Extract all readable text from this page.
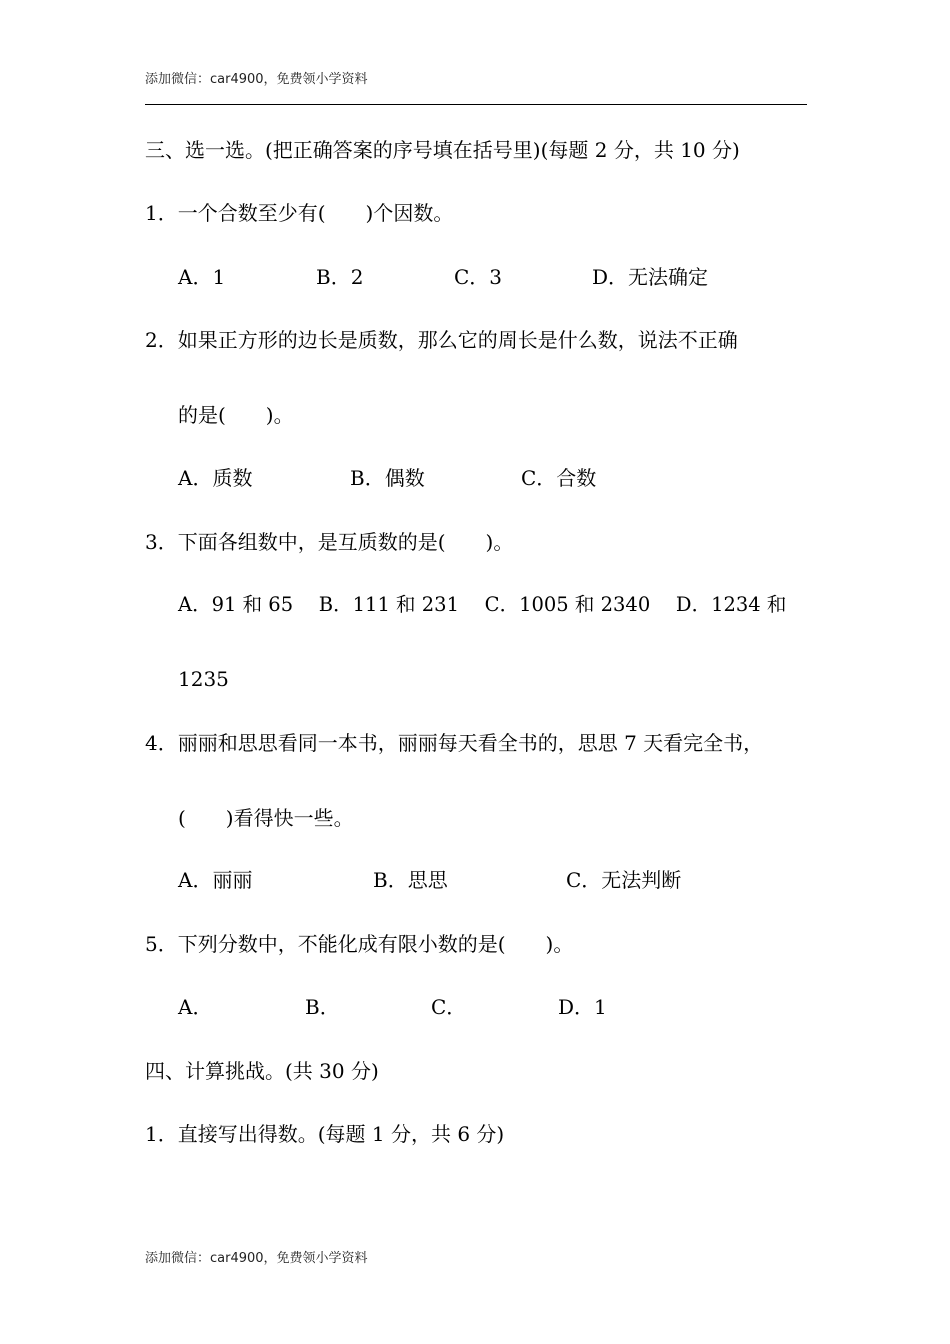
添加微信：car4900，免费领小学资料
三、选一选。(把正确答案的序号填在括号里)(每题 2 分，共 10 分)
1．一个合数至少有(　　)个因数。
A．1	B．2	C．3	D．无法确定
2．如果正方形的边长是质数，那么它的周长是什么数，说法不正确
的是(　　)。
A．质数	B．偶数	C．合数
3．下面各组数中，是互质数的是(　　)。
A．91 和 65　 B．111 和 231　 C．1005 和 2340　 D．1234 和
1235
4．丽丽和思思看同一本书，丽丽每天看全书的，思思 7 天看完全书，
(　　)看得快一些。
A．丽丽	B．思思	C．无法判断
5．下列分数中，不能化成有限小数的是(　　)。
A．	B．	C．	D．1
四、计算挑战。(共 30 分)
1．直接写出得数。(每题 1 分，共 6 分)
添加微信：car4900，免费领小学资料
